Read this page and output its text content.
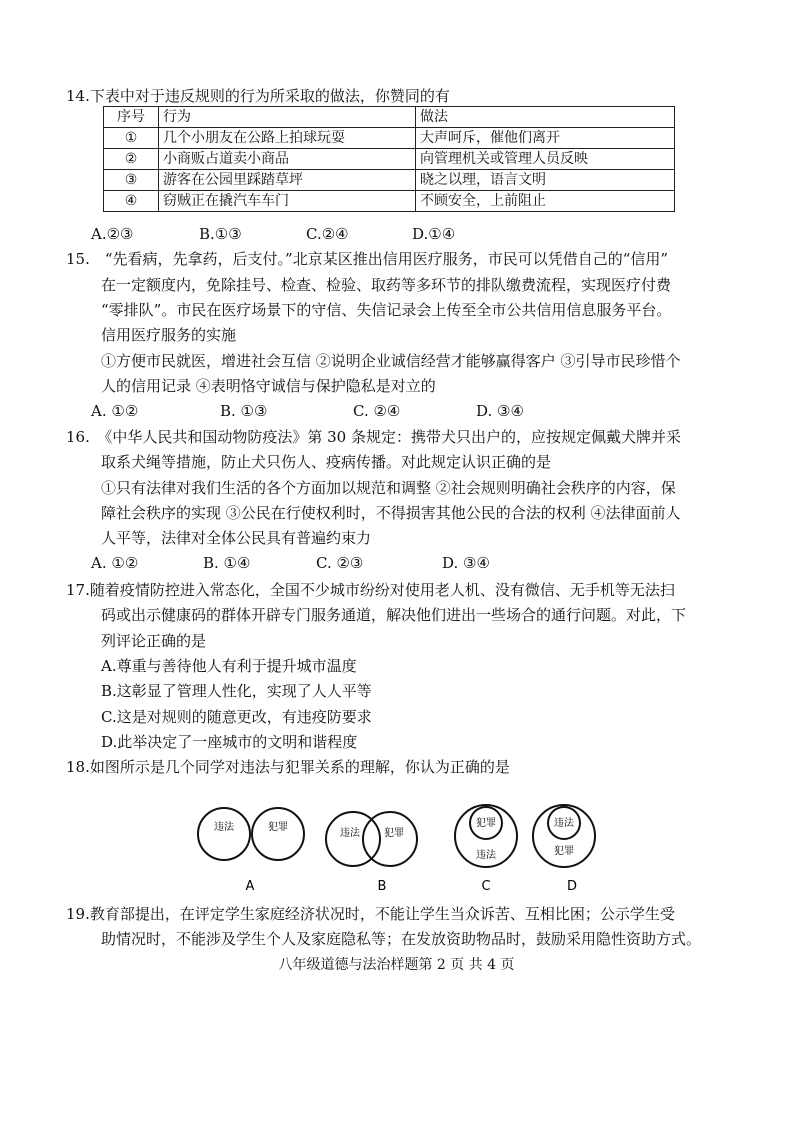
14.下表中对于违反规则的行为所采取的做法，你赞同的有
序号	行为	做法
①	几个小朋友在公路上拍球玩耍	大声呵斥，催他们离开
②	小商贩占道卖小商品	向管理机关或管理人员反映
③	游客在公园里踩踏草坪	晓之以理，语言文明
④	窃贼正在撬汽车车门	不顾安全，上前阻止
A.②③	B.①③	C.②④	D.①④
15.　“先看病，先拿药，后支付。”北京某区推出信用医疗服务，市民可以凭借自己的“信用”
在一定额度内，免除挂号、检查、检验、取药等多环节的排队缴费流程，实现医疗付费
“零排队”。市民在医疗场景下的守信、失信记录会上传至全市公共信用信息服务平台。
信用医疗服务的实施
①方便市民就医，增进社会互信 ②说明企业诚信经营才能够赢得客户 ③引导市民珍惜个
人的信用记录 ④表明恪守诚信与保护隐私是对立的
A. ①②	B. ①③	C. ②④	D. ③④
16.　《中华人民共和国动物防疫法》第 30 条规定：携带犬只出户的，应按规定佩戴犬牌并采
取系犬绳等措施，防止犬只伤人、疫病传播。对此规定认识正确的是
①只有法律对我们生活的各个方面加以规范和调整 ②社会规则明确社会秩序的内容，保
障社会秩序的实现 ③公民在行使权利时，不得损害其他公民的合法的权利 ④法律面前人
人平等，法律对全体公民具有普遍约束力
A. ①②	B. ①④	C. ②③	D. ③④
17.随着疫情防控进入常态化，全国不少城市纷纷对使用老人机、没有微信、无手机等无法扫
码或出示健康码的群体开辟专门服务通道，解决他们进出一些场合的通行问题。对此，下
列评论正确的是
A.尊重与善待他人有利于提升城市温度
B.这彰显了管理人性化，实现了人人平等
C.这是对规则的随意更改，有违疫防要求
D.此举决定了一座城市的文明和谐程度
18.如图所示是几个同学对违法与犯罪关系的理解，你认为正确的是
违法	犯罪
A
违法 犯罪
B
犯罪
违法
C
违法
犯罪
D
19.教育部提出，在评定学生家庭经济状况时，不能让学生当众诉苦、互相比困；公示学生受
助情况时，不能涉及学生个人及家庭隐私等；在发放资助物品时，鼓励采用隐性资助方式。
八年级道德与法治样题第 2 页 共 4 页
